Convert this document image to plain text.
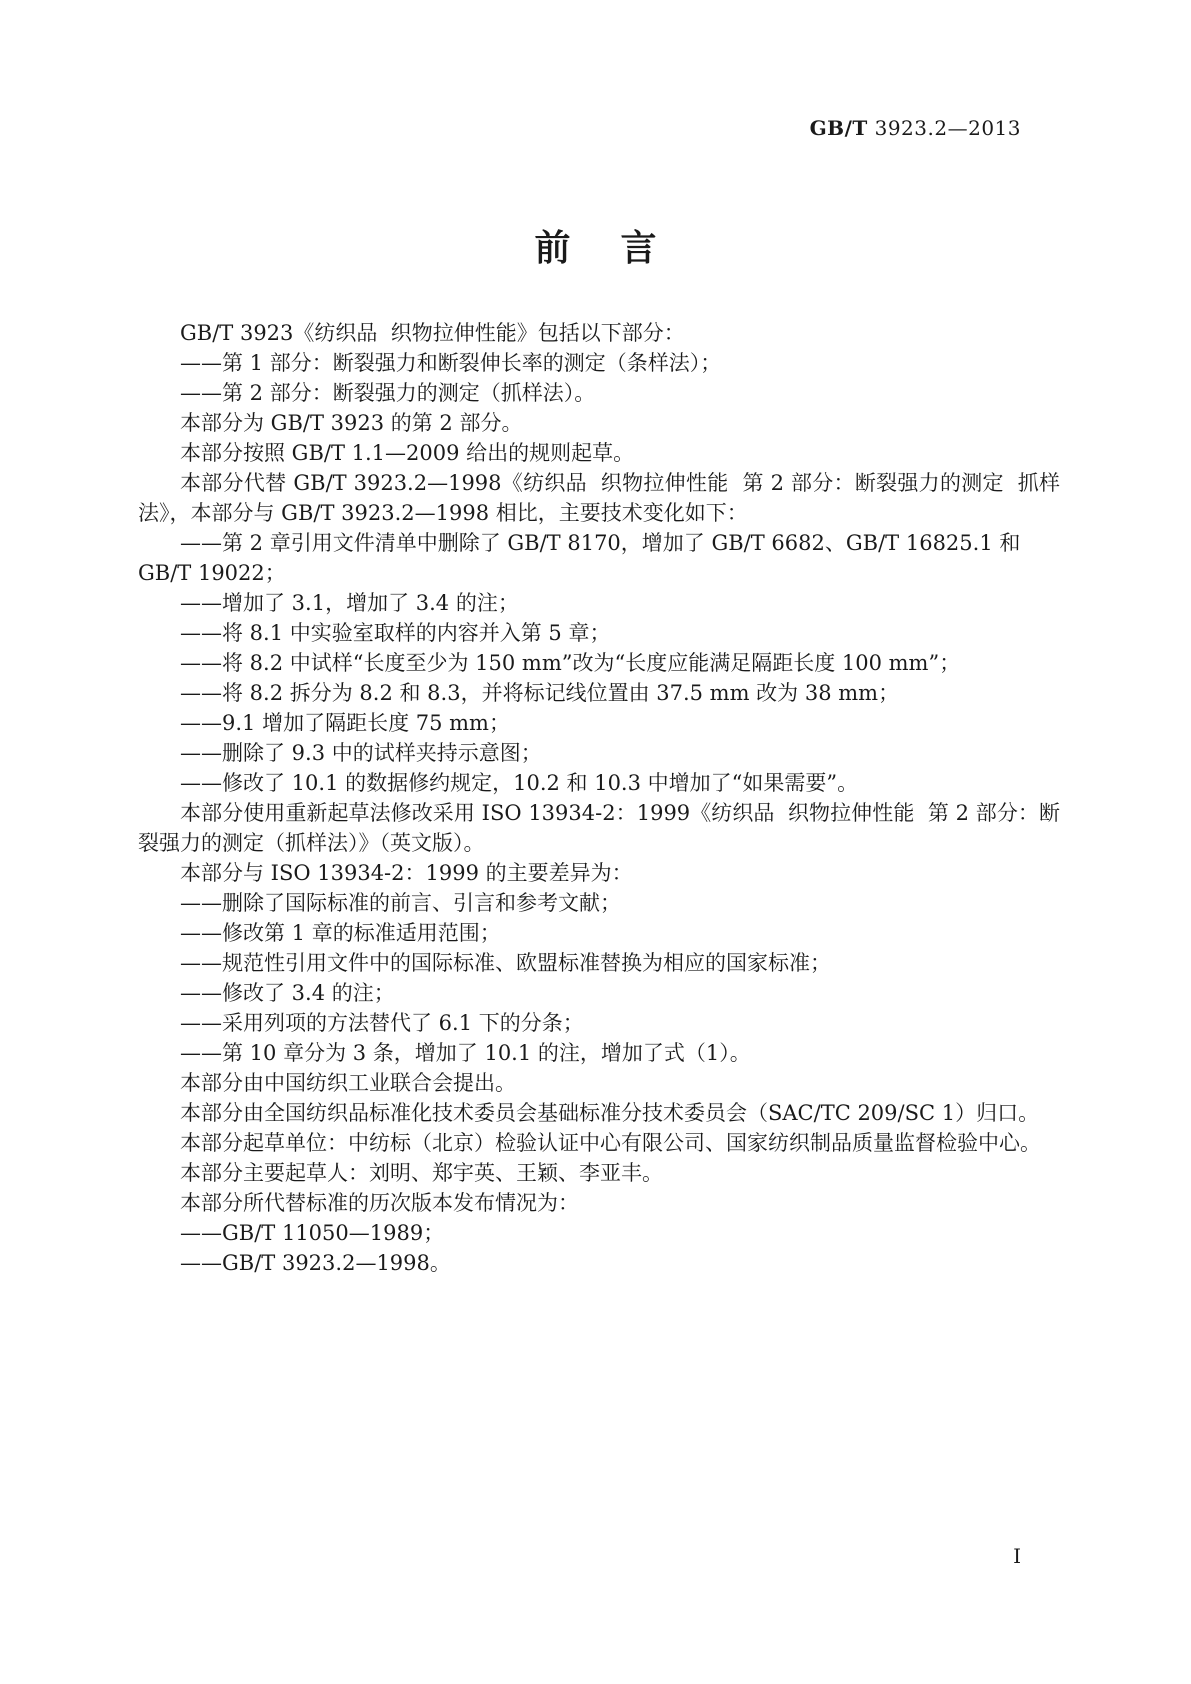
GB/T 3923.2—2013
前言

GB/T 3923《纺织品  织物拉伸性能》包括以下部分：

——第 1 部分：断裂强力和断裂伸长率的测定（条样法）；

——第 2 部分：断裂强力的测定（抓样法）。

本部分为 GB/T 3923 的第 2 部分。

本部分按照 GB/T 1.1—2009 给出的规则起草。

本部分代替 GB/T 3923.2—1998《纺织品  织物拉伸性能  第 2 部分：断裂强力的测定  抓样法》，本部分与 GB/T 3923.2—1998 相比，主要技术变化如下：

——第 2 章引用文件清单中删除了 GB/T 8170，增加了 GB/T 6682、GB/T 16825.1 和GB/T 19022；

——增加了 3.1，增加了 3.4 的注；

——将 8.1 中实验室取样的内容并入第 5 章；

——将 8.2 中试样“长度至少为 150 mm”改为“长度应能满足隔距长度 100 mm”；

——将 8.2 拆分为 8.2 和 8.3，并将标记线位置由 37.5 mm 改为 38 mm；

——9.1 增加了隔距长度 75 mm；

——删除了 9.3 中的试样夹持示意图；

——修改了 10.1 的数据修约规定，10.2 和 10.3 中增加了“如果需要”。

本部分使用重新起草法修改采用 ISO 13934-2：1999《纺织品  织物拉伸性能  第 2 部分：断裂强力的测定（抓样法）》（英文版）。

本部分与 ISO 13934-2：1999 的主要差异为：

——删除了国际标准的前言、引言和参考文献；

——修改第 1 章的标准适用范围；

——规范性引用文件中的国际标准、欧盟标准替换为相应的国家标准；

——修改了 3.4 的注；

——采用列项的方法替代了 6.1 下的分条；

——第 10 章分为 3 条，增加了 10.1 的注，增加了式（1）。

本部分由中国纺织工业联合会提出。

本部分由全国纺织品标准化技术委员会基础标准分技术委员会（SAC/TC 209/SC 1）归口。

本部分起草单位：中纺标（北京）检验认证中心有限公司、国家纺织制品质量监督检验中心。

本部分主要起草人：刘明、郑宇英、王颖、李亚丰。

本部分所代替标准的历次版本发布情况为：

——GB/T 11050—1989；

——GB/T 3923.2—1998。

I
